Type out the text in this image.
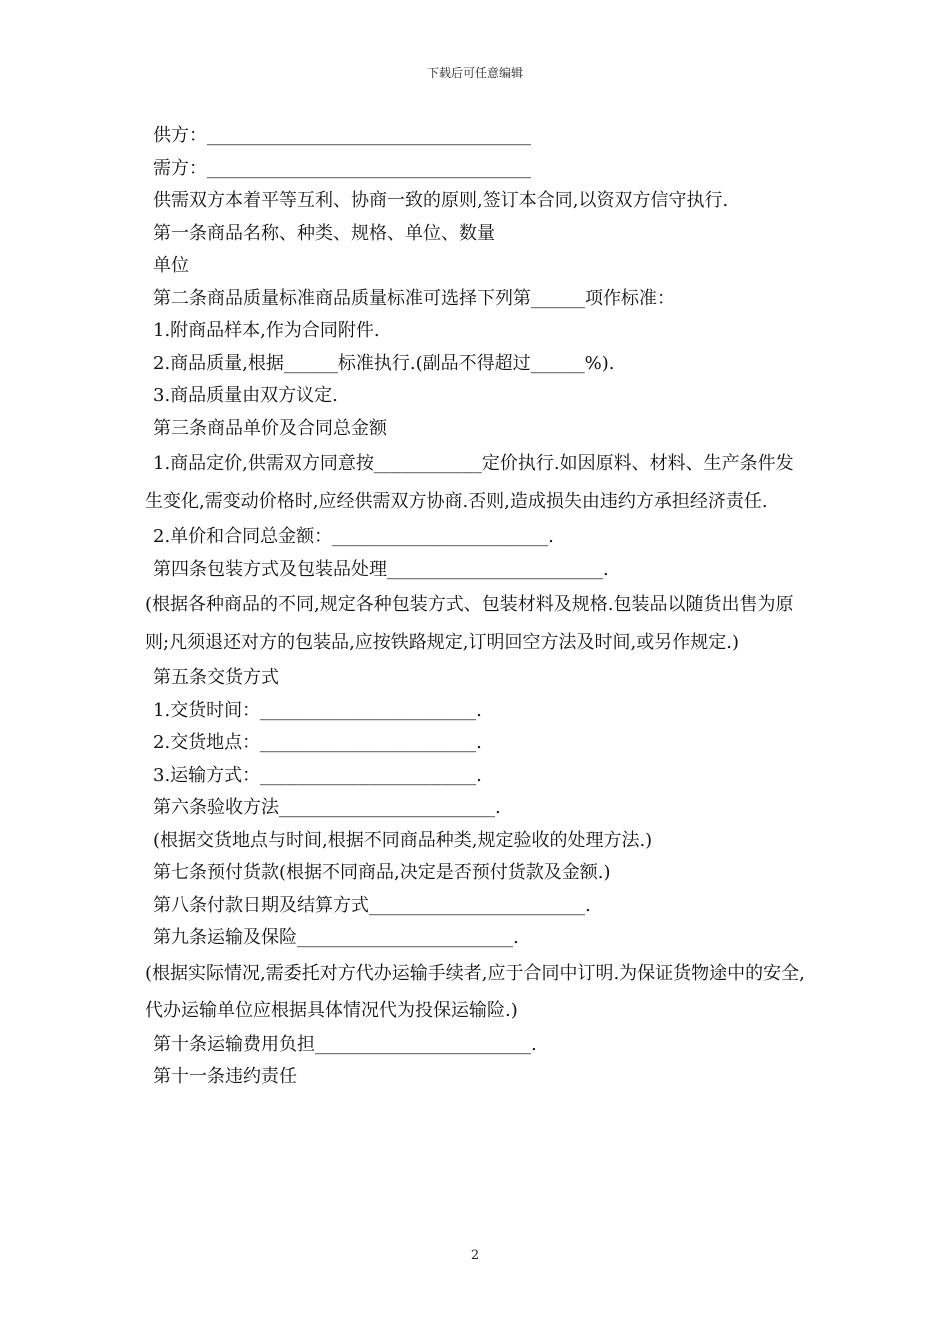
下载后可任意编辑

供方：____________________________________

需方：____________________________________

供需双方本着平等互利、协商一致的原则,签订本合同,以资双方信守执行.

第一条商品名称、种类、规格、单位、数量

单位

第二条商品质量标准商品质量标准可选择下列第______项作标准：

1.附商品样本,作为合同附件.

2.商品质量,根据______标准执行.(副品不得超过______%).

3.商品质量由双方议定.

第三条商品单价及合同总金额

1.商品定价,供需双方同意按____________定价执行.如因原料、材料、生产条件发生变化,需变动价格时,应经供需双方协商.否则,造成损失由违约方承担经济责任.

2.单价和合同总金额：________________________.

第四条包装方式及包装品处理________________________.

(根据各种商品的不同,规定各种包装方式、包装材料及规格.包装品以随货出售为原则;凡须退还对方的包装品,应按铁路规定,订明回空方法及时间,或另作规定.)

第五条交货方式

1.交货时间：________________________.

2.交货地点：________________________.

3.运输方式：________________________.

第六条验收方法________________________.

(根据交货地点与时间,根据不同商品种类,规定验收的处理方法.)

第七条预付货款(根据不同商品,决定是否预付货款及金额.)

第八条付款日期及结算方式________________________.

第九条运输及保险________________________.

(根据实际情况,需委托对方代办运输手续者,应于合同中订明.为保证货物途中的安全,代办运输单位应根据具体情况代为投保运输险.)

第十条运输费用负担________________________.

第十一条违约责任

2
